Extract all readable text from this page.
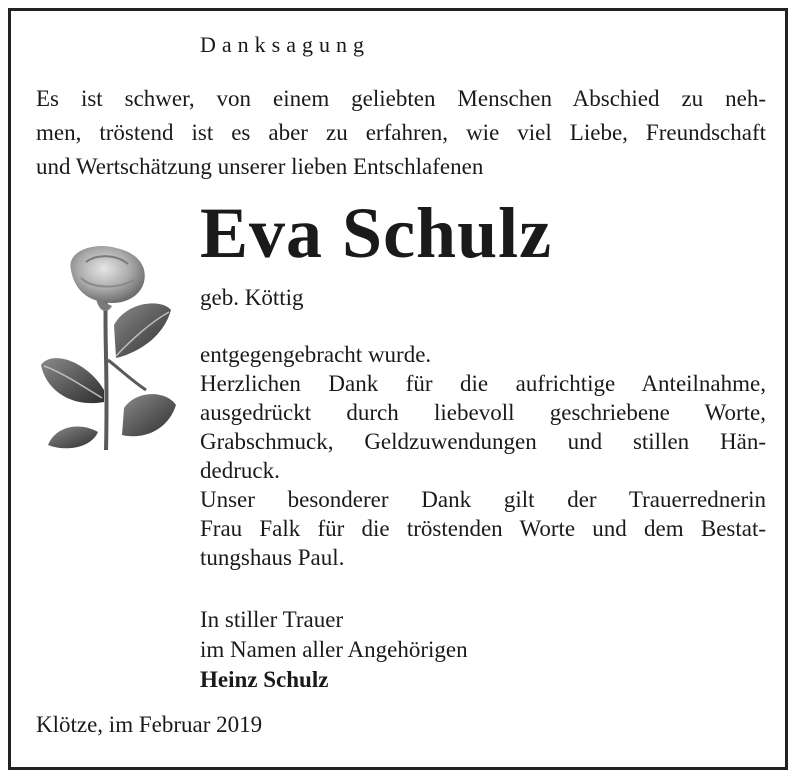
Danksagung
Es ist schwer, von einem geliebten Menschen Abschied zu neh-
men, tröstend ist es aber zu erfahren, wie viel Liebe, Freundschaft
und Wertschätzung unserer lieben Entschlafenen
Eva Schulz
geb. Köttig
entgegengebracht wurde.
Herzlichen Dank für die aufrichtige Anteilnahme,
ausgedrückt durch liebevoll geschriebene Worte,
Grabschmuck, Geldzuwendungen und stillen Hän-
dedruck.
Unser besonderer Dank gilt der Trauerrednerin
Frau Falk für die tröstenden Worte und dem Bestat-
tungshaus Paul.
In stiller Trauer
im Namen aller Angehörigen
Heinz Schulz
Klötze, im Februar 2019
